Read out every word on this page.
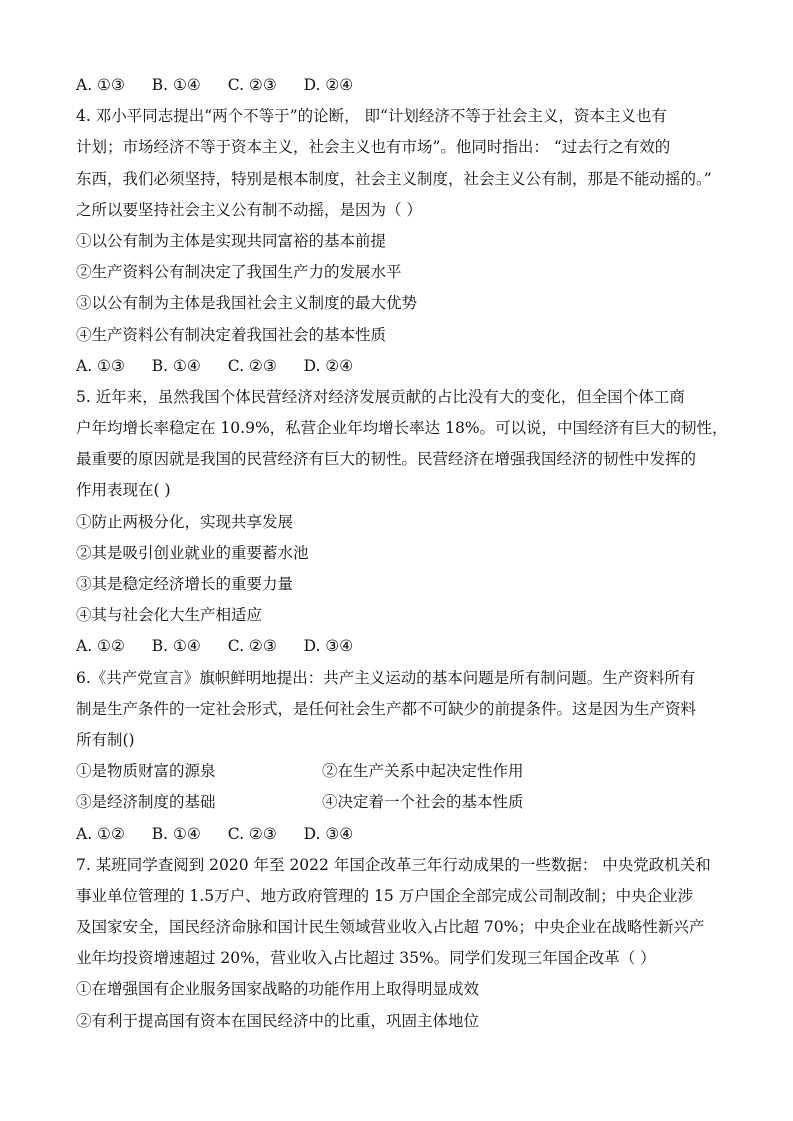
A. ①③ B. ①④ C. ②③ D. ②④
4. 邓小平同志提出“两个不等于”的论断， 即“计划经济不等于社会主义，资本主义也有
计划；市场经济不等于资本主义，社会主义也有市场”。他同时指出： “过去行之有效的
东西，我们必须坚持，特别是根本制度，社会主义制度，社会主义公有制，那是不能动摇的。”
之所以要坚持社会主义公有制不动摇，是因为（ ）
①以公有制为主体是实现共同富裕的基本前提
②生产资料公有制决定了我国生产力的发展水平
③以公有制为主体是我国社会主义制度的最大优势
④生产资料公有制决定着我国社会的基本性质
A. ①③ B. ①④ C. ②③ D. ②④
5. 近年来，虽然我国个体民营经济对经济发展贡献的占比没有大的变化，但全国个体工商
户年均增长率稳定在 10.9%，私营企业年均增长率达 18%。可以说，中国经济有巨大的韧性，
最重要的原因就是我国的民营经济有巨大的韧性。民营经济在增强我国经济的韧性中发挥的
作用表现在( )
①防止两极分化，实现共享发展
②其是吸引创业就业的重要蓄水池
③其是稳定经济增长的重要力量
④其与社会化大生产相适应
A. ①② B. ①④ C. ②③ D. ③④
6.《共产党宣言》旗帜鲜明地提出：共产主义运动的基本问题是所有制问题。生产资料所有
制是生产条件的一定社会形式，是任何社会生产都不可缺少的前提条件。这是因为生产资料
所有制()
①是物质财富的源泉	②在生产关系中起决定性作用
③是经济制度的基础	④决定着一个社会的基本性质
A. ①② B. ①④ C. ②③ D. ③④
7. 某班同学查阅到 2020 年至 2022 年国企改革三年行动成果的一些数据： 中央党政机关和
事业单位管理的 1.5万户、地方政府管理的 15 万户国企全部完成公司制改制；中央企业涉
及国家安全，国民经济命脉和国计民生领域营业收入占比超 70%；中央企业在战略性新兴产
业年均投资增速超过 20%，营业收入占比超过 35%。同学们发现三年国企改革（ ）
①在增强国有企业服务国家战略的功能作用上取得明显成效
②有利于提高国有资本在国民经济中的比重，巩固主体地位
